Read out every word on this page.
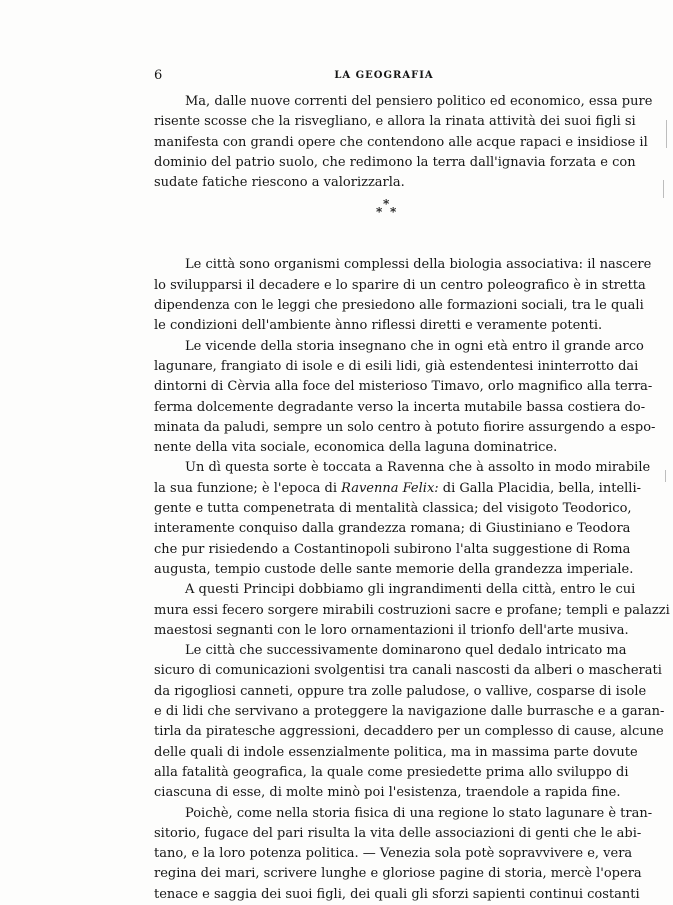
6	LA GEOGRAFIA
Ma, dalle nuove correnti del pensiero politico ed economico, essa pure
risente scosse che la risvegliano, e allora la rinata attività dei suoi figli si
manifesta con grandi opere che contendono alle acque rapaci e insidiose il
dominio del patrio suolo, che redimono la terra dall'ignavia forzata e con
sudate fatiche riescono a valorizzarla.
Le città sono organismi complessi della biologia associativa: il nascere
lo svilupparsi il decadere e lo sparire di un centro poleografico è in stretta
dipendenza con le leggi che presiedono alle formazioni sociali, tra le quali
le condizioni dell'ambiente ànno riflessi diretti e veramente potenti.
Le vicende della storia insegnano che in ogni età entro il grande arco
lagunare, frangiato di isole e di esili lidi, già estendentesi ininterrotto dai
dintorni di Cèrvia alla foce del misterioso Timavo, orlo magnifico alla terra-
ferma dolcemente degradante verso la incerta mutabile bassa costiera do-
minata da paludi, sempre un solo centro à potuto fiorire assurgendo a espo-
nente della vita sociale, economica della laguna dominatrice.
Un dì questa sorte è toccata a Ravenna che à assolto in modo mirabile
la sua funzione; è l'epoca di Ravenna Felix: di Galla Placidia, bella, intelli-
gente e tutta compenetrata di mentalità classica; del visigoto Teodorico,
interamente conquiso dalla grandezza romana; di Giustiniano e Teodora
che pur risiedendo a Costantinopoli subirono l'alta suggestione di Roma
augusta, tempio custode delle sante memorie della grandezza imperiale.
A questi Principi dobbiamo gli ingrandimenti della città, entro le cui
mura essi fecero sorgere mirabili costruzioni sacre e profane; templi e palazzi
maestosi segnanti con le loro ornamentazioni il trionfo dell'arte musiva.
Le città che successivamente dominarono quel dedalo intricato ma
sicuro di comunicazioni svolgentisi tra canali nascosti da alberi o mascherati
da rigogliosi canneti, oppure tra zolle paludose, o vallive, cosparse di isole
e di lidi che servivano a proteggere la navigazione dalle burrasche e a garan-
tirla da piratesche aggressioni, decaddero per un complesso di cause, alcune
delle quali di indole essenzialmente politica, ma in massima parte dovute
alla fatalità geografica, la quale come presiedette prima allo sviluppo di
ciascuna di esse, di molte minò poi l'esistenza, traendole a rapida fine.
Poichè, come nella storia fisica di una regione lo stato lagunare è tran-
sitorio, fugace del pari risulta la vita delle associazioni di genti che le abi-
tano, e la loro potenza politica. — Venezia sola potè sopravvivere e, vera
regina dei mari, scrivere lunghe e gloriose pagine di storia, mercè l'opera
tenace e saggia dei suoi figli, dei quali gli sforzi sapienti continui costanti
*
* *
